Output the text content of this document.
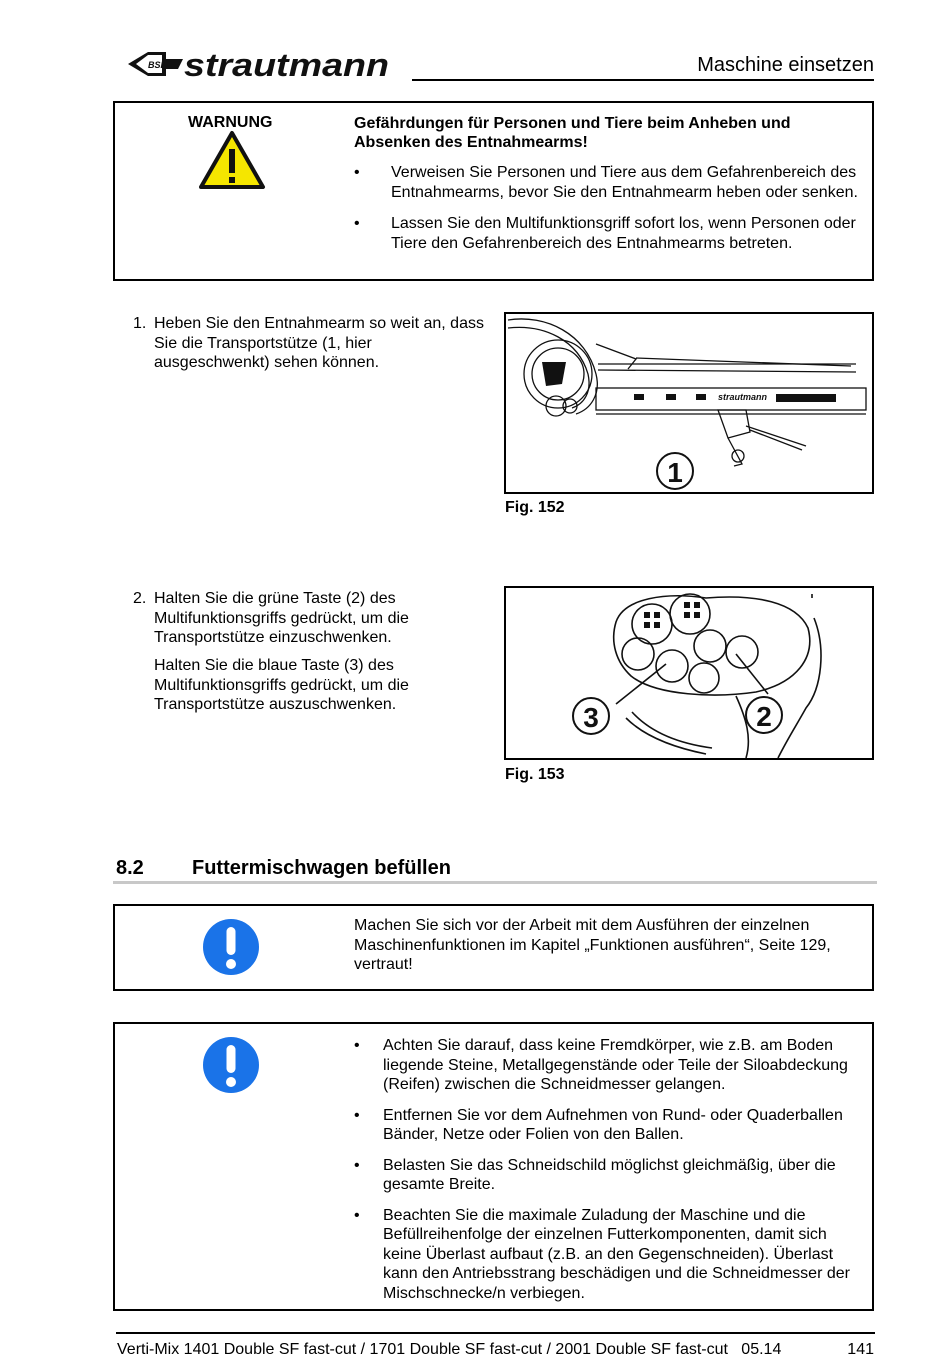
BSL strautmann	Maschine einsetzen
WARNUNG	Gefährdungen für Personen und Tiere beim Anheben und Absenken des Entnahmearms!

• Verweisen Sie Personen und Tiere aus dem Gefahrenbereich des Entnahmearms, bevor Sie den Entnahmearm heben oder senken.
• Lassen Sie den Multifunktionsgriff sofort los, wenn Personen oder Tiere den Gefahrenbereich des Entnahmearms betreten.
1. Heben Sie den Entnahmearm so weit an, dass Sie die Transportstütze (1, hier ausgeschwenkt) sehen können.

strautmann
1
Fig. 152
2. Halten Sie die grüne Taste (2) des Multifunktionsgriffs gedrückt, um die Transportstütze einzuschwenken.

Halten Sie die blaue Taste (3) des Multifunktionsgriffs gedrückt, um die Transportstütze auszuschwenken.	3	2
Fig. 153
8.2 Futtermischwagen befüllen

Machen Sie sich vor der Arbeit mit dem Ausführen der einzelnen Maschinenfunktionen im Kapitel „Funktionen ausführen“, Seite 129, vertraut!

• Achten Sie darauf, dass keine Fremdkörper, wie z.B. am Boden liegende Steine, Metallgegenstände oder Teile der Siloabdeckung (Reifen) zwischen die Schneidmesser gelangen.
• Entfernen Sie vor dem Aufnehmen von Rund- oder Quaderballen Bänder, Netze oder Folien von den Ballen.
• Belasten Sie das Schneidschild möglichst gleichmäßig, über die gesamte Breite.
• Beachten Sie die maximale Zuladung der Maschine und die Befüllreihenfolge der einzelnen Futterkomponenten, damit sich keine Überlast aufbaut (z.B. an den Gegenschneiden). Überlast kann den Antriebsstrang beschädigen und die Schneidmesser der Mischschnecke/n verbiegen.
Verti-Mix 1401 Double SF fast-cut / 1701 Double SF fast-cut / 2001 Double SF fast-cut   05.14	141
